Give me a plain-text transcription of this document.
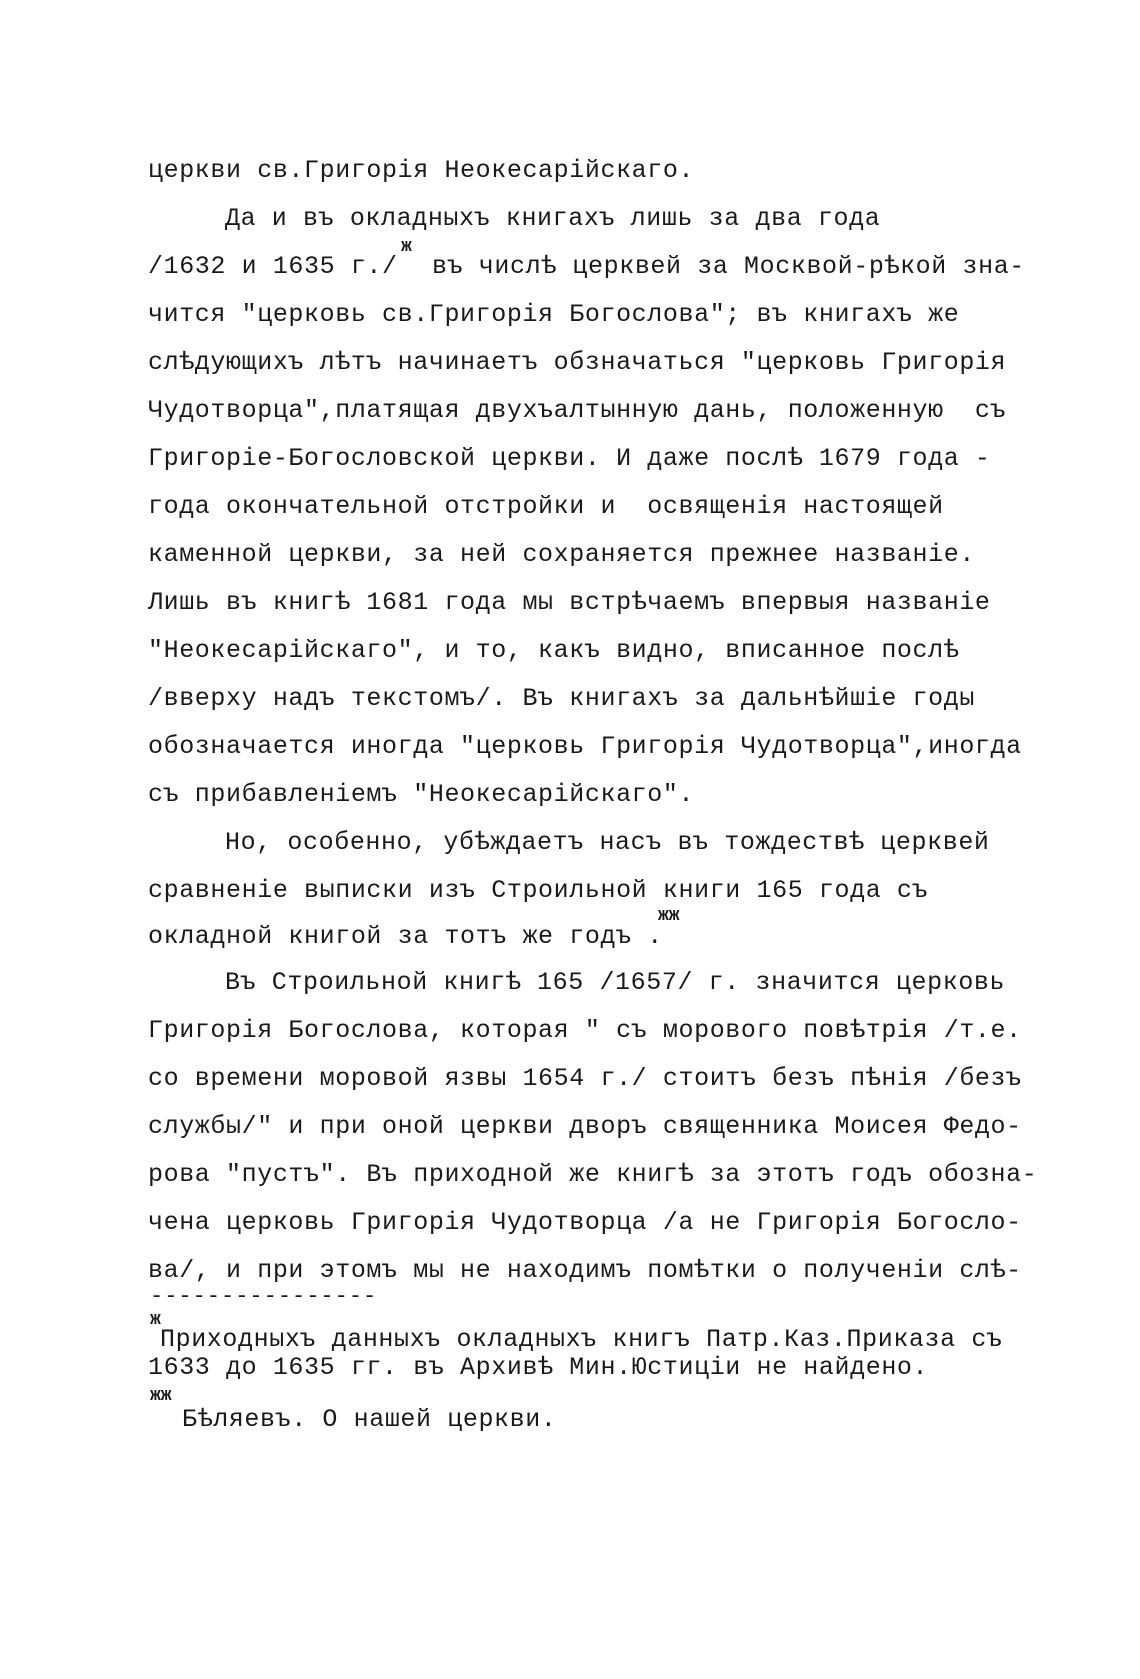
церкви св.Григорія Неокесарійскаго.
Да и въ окладныхъ книгахъ лишь за два года
ж
/1632 и 1635 г./ въ числѣ церквей за Москвой-рѣкой зна-
чится "церковь св.Григорія Богослова"; въ книгахъ же
слѣдующихъ лѣтъ начинаетъ обзначаться "церковь Григорія
Чудотворца",платящая двухъалтынную дань, положенную  съ
Григоріе-Богословской церкви. И даже послѣ 1679 года -
года окончательной отстройки и  освященія настоящей
каменной церкви, за ней сохраняется прежнее названіе.
Лишь въ книгѣ 1681 года мы встрѣчаемъ впервыя названіе
"Неокесарійскаго", и то, какъ видно, вписанное послѣ
/вверху надъ текстомъ/. Въ книгахъ за дальнѣйшіе годы
обозначается иногда "церковь Григорія Чудотворца",иногда
съ прибавленіемъ "Неокесарійскаго".
Но, особенно, убѣждаетъ насъ въ тождествѣ церквей
сравненіе выписки изъ Строильной книги 165 года съ
жж
окладной книгой за тотъ же годъ .
Въ Строильной книгѣ 165 /1657/ г. значится церковь
Григорія Богослова, которая " съ морового повѣтрія /т.е.
со времени моровой язвы 1654 г./ стоитъ безъ пѣнія /безъ
службы/" и при оной церкви дворъ священника Моисея Федо-
рова "пустъ". Въ приходной же книгѣ за этотъ годъ обозна-
чена церковь Григорія Чудотворца /а не Григорія Богосло-
ва/, и при этомъ мы не находимъ помѣтки о полученіи слѣ-
----------------
ж
Приходныхъ данныхъ окладныхъ книгъ Патр.Каз.Приказа съ
1633 до 1635 гг. въ Архивѣ Мин.Юстиціи не найдено.
жж
Бѣляевъ. О нашей церкви.
